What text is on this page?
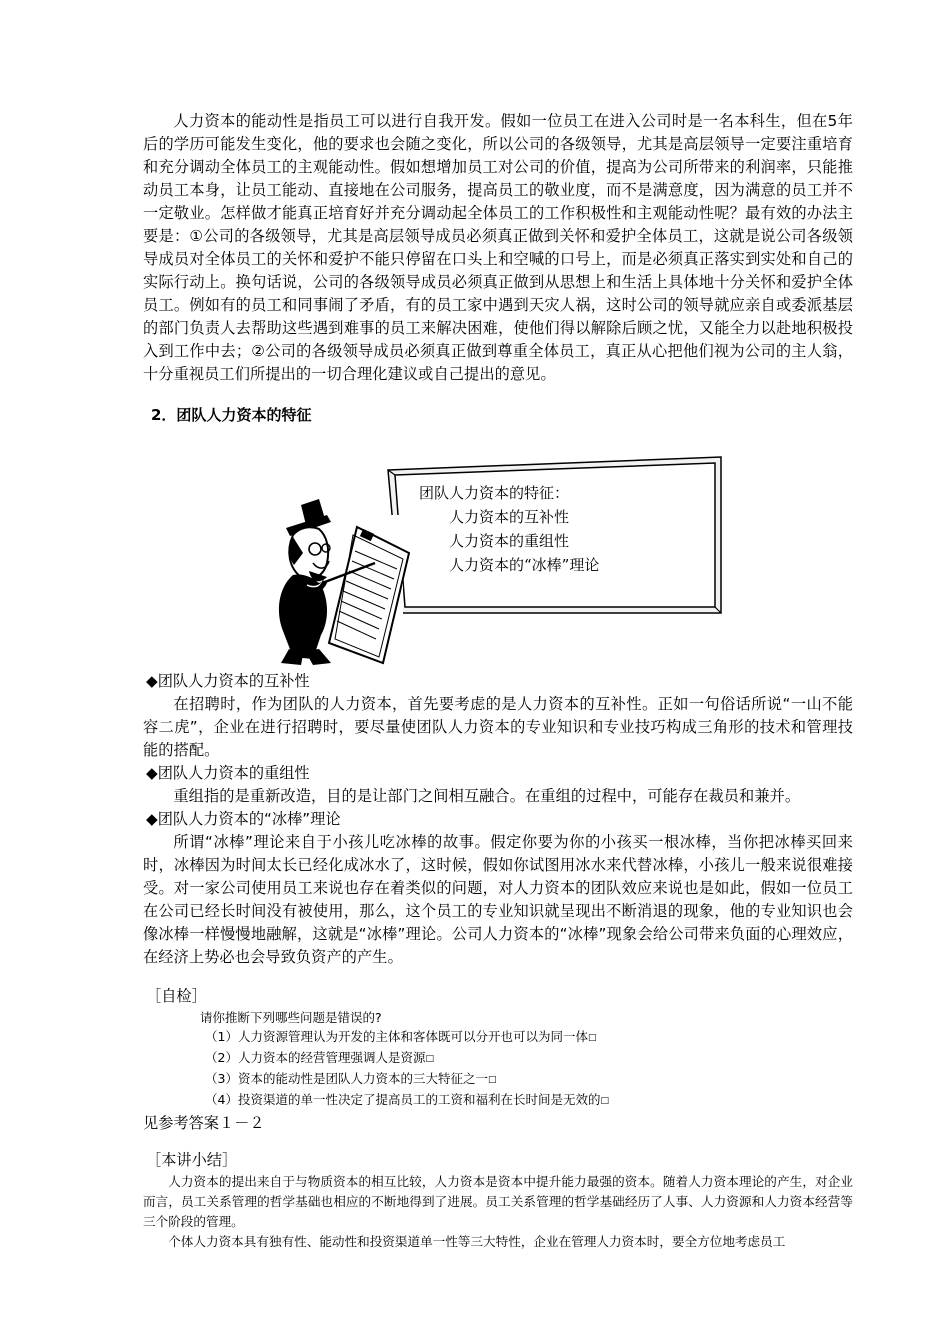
人力资本的能动性是指员工可以进行自我开发。假如一位员工在进入公司时是一名本科生，但在5年后的学历可能发生变化，他的要求也会随之变化，所以公司的各级领导，尤其是高层领导一定要注重培育和充分调动全体员工的主观能动性。假如想增加员工对公司的价值，提高为公司所带来的利润率，只能推动员工本身，让员工能动、直接地在公司服务，提高员工的敬业度，而不是满意度，因为满意的员工并不一定敬业。怎样做才能真正培育好并充分调动起全体员工的工作积极性和主观能动性呢？最有效的办法主要是：①公司的各级领导，尤其是高层领导成员必须真正做到关怀和爱护全体员工，这就是说公司各级领导成员对全体员工的关怀和爱护不能只停留在口头上和空喊的口号上，而是必须真正落实到实处和自己的实际行动上。换句话说，公司的各级领导成员必须真正做到从思想上和生活上具体地十分关怀和爱护全体员工。例如有的员工和同事闹了矛盾，有的员工家中遇到天灾人祸，这时公司的领导就应亲自或委派基层的部门负责人去帮助这些遇到难事的员工来解决困难，使他们得以解除后顾之忧，又能全力以赴地积极投入到工作中去；②公司的各级领导成员必须真正做到尊重全体员工，真正从心把他们视为公司的主人翁，十分重视员工们所提出的一切合理化建议或自己提出的意见。

2．团队人力资本的特征

团队人力资本的特征：
人力资本的互补性
人力资本的重组性
人力资本的“冰棒”理论

◆团队人力资本的互补性

在招聘时，作为团队的人力资本，首先要考虑的是人力资本的互补性。正如一句俗话所说“一山不能容二虎”，企业在进行招聘时，要尽量使团队人力资本的专业知识和专业技巧构成三角形的技术和管理技能的搭配。

◆团队人力资本的重组性

重组指的是重新改造，目的是让部门之间相互融合。在重组的过程中，可能存在裁员和兼并。

◆团队人力资本的“冰棒”理论

所谓“冰棒”理论来自于小孩儿吃冰棒的故事。假定你要为你的小孩买一根冰棒，当你把冰棒买回来时，冰棒因为时间太长已经化成冰水了，这时候，假如你试图用冰水来代替冰棒，小孩儿一般来说很难接受。对一家公司使用员工来说也存在着类似的问题，对人力资本的团队效应来说也是如此，假如一位员工在公司已经长时间没有被使用，那么，这个员工的专业知识就呈现出不断消退的现象，他的专业知识也会像冰棒一样慢慢地融解，这就是“冰棒”理论。公司人力资本的“冰棒”现象会给公司带来负面的心理效应，在经济上势必也会导致负资产的产生。

［自检］

请你推断下列哪些问题是错误的?

（1）人力资源管理认为开发的主体和客体既可以分开也可以为同一体□

（2）人力资本的经营管理强调人是资源□

（3）资本的能动性是团队人力资本的三大特征之一□

（4）投资渠道的单一性决定了提高员工的工资和福利在长时间是无效的□

见参考答案１－２

［本讲小结］

人力资本的提出来自于与物质资本的相互比较，人力资本是资本中提升能力最强的资本。随着人力资本理论的产生，对企业而言，员工关系管理的哲学基础也相应的不断地得到了进展。员工关系管理的哲学基础经历了人事、人力资源和人力资本经营等三个阶段的管理。

个体人力资本具有独有性、能动性和投资渠道单一性等三大特性，企业在管理人力资本时，要全方位地考虑员工
